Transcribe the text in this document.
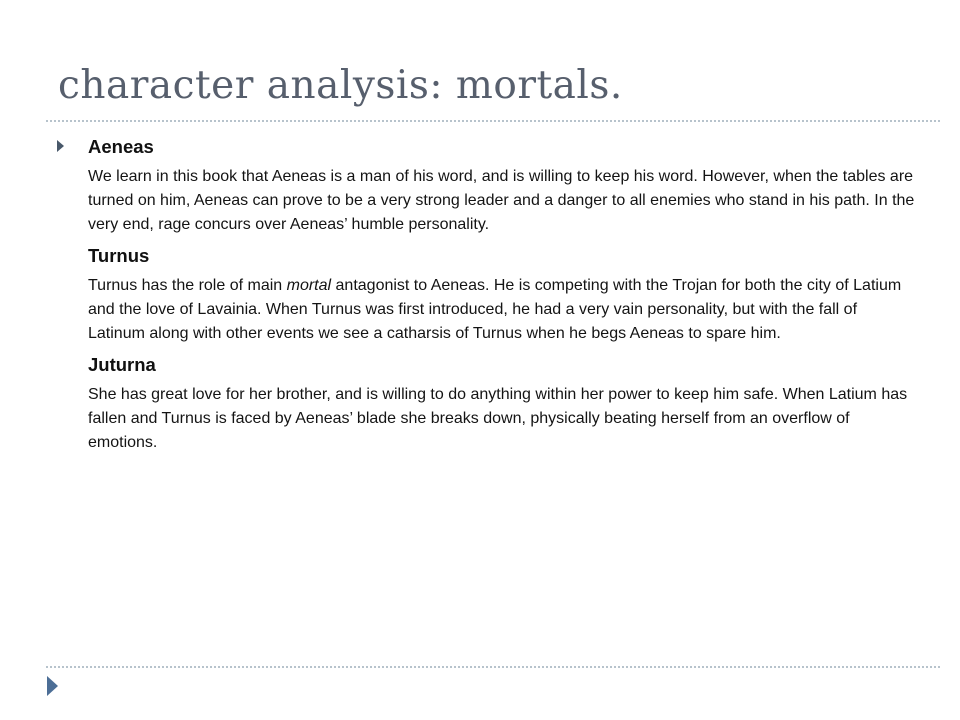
character analysis: mortals.
Aeneas

We learn in this book that Aeneas is a man of his word, and is willing to keep his word. However, when the tables are turned on him, Aeneas can prove to be a very strong leader and a danger to all enemies who stand in his path. In the very end, rage concurs over Aeneas’ humble personality.

Turnus

Turnus has the role of main mortal antagonist to Aeneas. He is competing with the Trojan for both the city of Latium and the love of Lavainia. When Turnus was first introduced, he had a very vain personality, but with the fall of Latinum along with other events we see a catharsis of Turnus when he begs Aeneas to spare him.

Juturna

She has great love for her brother, and is willing to do anything within her power to keep him safe. When Latium has fallen and Turnus is faced by Aeneas’ blade she breaks down, physically beating herself from an overflow of emotions.
